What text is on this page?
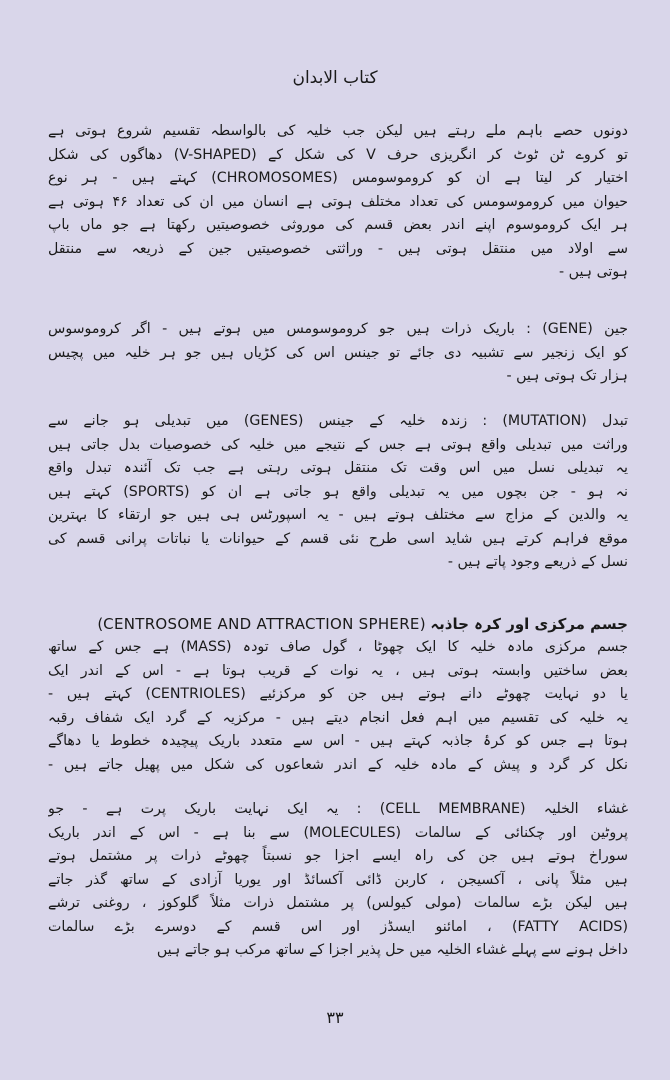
کتاب الابدان
دونوں حصے باہم ملے رہتے ہیں لیکن جب خلیہ کی بالواسطہ تقسیم شروع ہوتی ہے
تو کروے ٹن ٹوٹ کر انگریزی حرف V کی شکل کے (V-SHAPED) دھاگوں کی شکل
اختیار کر لیتا ہے ان کو کروموسومس (CHROMOSOMES) کہتے ہیں - ہر نوع
حیوان میں کروموسومس کی تعداد مختلف ہوتی ہے انسان میں ان کی تعداد ۴۶ ہوتی ہے
ہر ایک کروموسوم اپنے اندر بعض قسم کی موروثی خصوصیتیں رکھتا ہے جو ماں باپ
سے اولاد میں منتقل ہوتی ہیں - وراثتی خصوصیتیں جین کے ذریعہ سے منتقل
ہوتی ہیں -
جین (GENE) : باریک ذرات ہیں جو کروموسومس میں ہوتے ہیں - اگر کروموسوس
کو ایک زنجیر سے تشبیہ دی جائے تو جینس اس کی کڑیاں ہیں جو ہر خلیہ میں پچیس
ہزار تک ہوتی ہیں -
تبدل (MUTATION) : زندہ خلیہ کے جینس (GENES) میں تبدیلی ہو جانے سے
وراثت میں تبدیلی واقع ہوتی ہے جس کے نتیجے میں خلیہ کی خصوصیات بدل جاتی ہیں
یہ تبدیلی نسل میں اس وقت تک منتقل ہوتی رہتی ہے جب تک آئندہ تبدل واقع
نہ ہو - جن بچوں میں یہ تبدیلی واقع ہو جاتی ہے ان کو (SPORTS) کہتے ہیں
یہ والدین کے مزاج سے مختلف ہوتے ہیں - یہ اسپورٹس ہی ہیں جو ارتقاء کا بہترین
موقع فراہم کرتے ہیں شاید اسی طرح نئی قسم کے حیوانات یا نباتات پرانی قسم کی
نسل کے ذریعے وجود پاتے ہیں -
جسم مرکزی اور کرہ جاذبہ (CENTROSOME AND ATTRACTION SPHERE)
جسم مرکزی مادہ خلیہ کا ایک چھوٹا ، گول صاف تودہ (MASS) ہے جس کے ساتھ
بعض ساختیں وابستہ ہوتی ہیں ، یہ نوات کے قریب ہوتا ہے - اس کے اندر ایک
یا دو نہایت چھوٹے دانے ہوتے ہیں جن کو مرکزئیے (CENTRIOLES) کہتے ہیں -
یہ خلیہ کی تقسیم میں اہم فعل انجام دیتے ہیں - مرکزیہ کے گرد ایک شفاف رقبہ
ہوتا ہے جس کو کرۂ جاذبہ کہتے ہیں - اس سے متعدد باریک پیچیدہ خطوط یا دھاگے
نکل کر گرد و پیش کے مادہ خلیہ کے اندر شعاعوں کی شکل میں پھیل جاتے ہیں -
غشاء الخلیہ (CELL MEMBRANE) : یہ ایک نہایت باریک پرت ہے - جو
پروٹین اور چکنائی کے سالمات (MOLECULES) سے بنا ہے - اس کے اندر باریک
سوراخ ہوتے ہیں جن کی راہ ایسے اجزا جو نسبتاً چھوٹے ذرات پر مشتمل ہوتے
ہیں مثلاً پانی ، آکسیجن ، کاربن ڈائی آکسائڈ اور یوریا آزادی کے ساتھ گذر جاتے
ہیں لیکن بڑے سالمات (مولی کیولس) پر مشتمل ذرات مثلاً گلوکوز ، روغنی ترشے
(FATTY ACIDS) ، امائنو ایسڈز اور اس قسم کے دوسرے بڑے سالمات
داخل ہونے سے پہلے غشاء الخلیہ میں حل پذیر اجزا کے ساتھ مرکب ہو جاتے ہیں
۳۳
